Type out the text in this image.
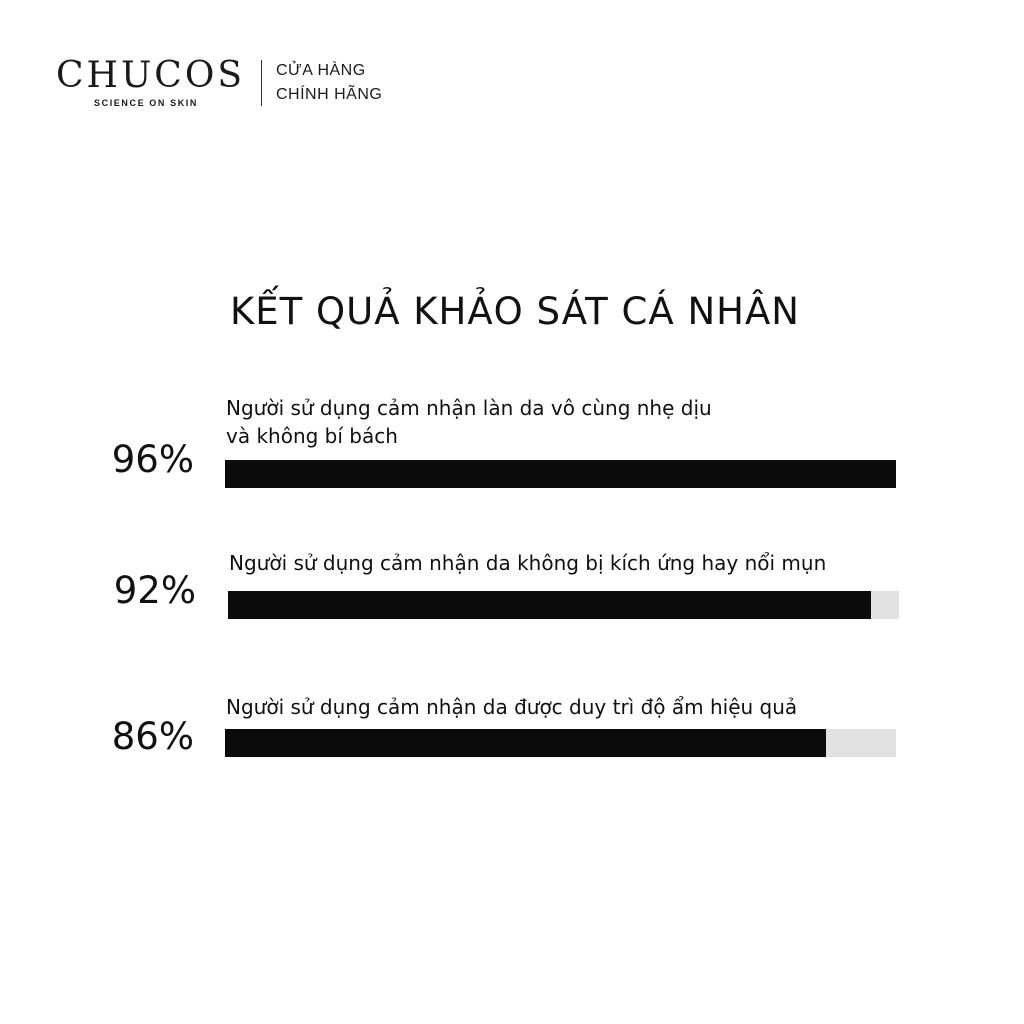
CHUCOS
SCIENCE ON SKIN
CỬA HÀNG
CHÍNH HÃNG
KẾT QUẢ KHẢO SÁT CÁ NHÂN
Người sử dụng cảm nhận làn da vô cùng nhẹ dịu
và không bí bách
96%
Người sử dụng cảm nhận da không bị kích ứng hay nổi mụn
92%
Người sử dụng cảm nhận da được duy trì độ ẩm hiệu quả
86%
